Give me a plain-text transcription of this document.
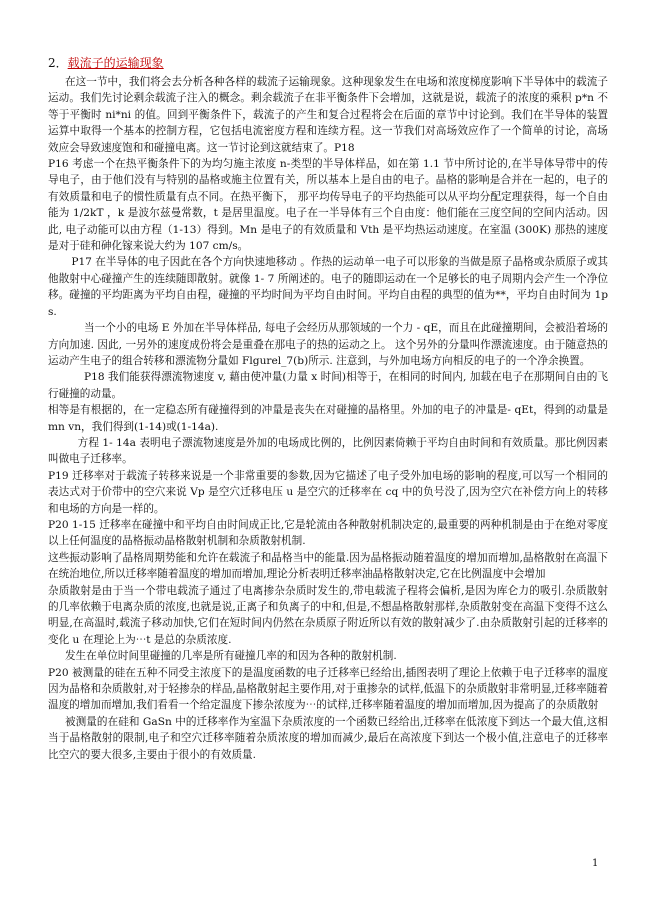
2．载流子的运输现象

在这一节中，我们将会去分析各种各样的载流子运输现象。这种现象发生在电场和浓度梯度影响下半导体中的载流子运动。我们先讨论剩余载流子注入的概念。剩余载流子在非平衡条件下会增加，这就是说，载流子的浓度的乘积 p*n 不等于平衡时 ni*ni 的值。回到平衡条件下，载流子的产生和复合过程将会在后面的章节中讨论到。我们在半导体的装置运算中取得一个基本的控制方程，它包括电流密度方程和连续方程。这一节我们对高场效应作了一个简单的讨论，高场效应会导致速度饱和和碰撞电离。这一节讨论到这就结束了。P18

P16 考虑一个在热平衡条件下的为均匀施主浓度 n-类型的半导体样品，如在第 1.1 节中所讨论的,在半导体导带中的传导电子，由于他们没有与特别的晶格或施主位置有关，所以基本上是自由的电子。晶格的影响是合并在一起的，电子的有效质量和电子的惯性质量有点不同。在热平衡下， 那平均传导电子的平均热能可以从平均分配定理获得，每一个自由能为 1/2kT ，k 是波尔兹曼常数，t 是居里温度。电子在一半导体有三个自由度：他们能在三度空间的空间内活动。因此, 电子动能可以由方程（1-13）得到。Mn 是电子的有效质量和 Vth 是平均热运动速度。在室温 (300K) 那热的速度是对于硅和砷化镓来说大约为 107 cm/s。

P17 在半导体的电子因此在各个方向快速地移动 。作热的运动单一电子可以形象的当做是原子晶格或杂质原子或其他散射中心碰撞产生的连续随即散射。就像 1- 7 所阐述的。电子的随即运动在一个足够长的电子周期内会产生一个净位移。碰撞的平均距离为平均自由程，碰撞的平均时间为平均自由时间。平均自由程的典型的值为**，平均自由时间为 1ps.

当一个小的电场 E 外加在半导体样品, 每电子会经历从那领域的一个力 - qE，而且在此碰撞期间，会被沿着场的方向加速. 因此, 一另外的速度成份将会是重叠在那电子的热的运动之上。 这个另外的分量叫作漂流速度。由于随意热的运动产生电子的组合转移和漂流物分量如 Flgurel_7(b)所示. 注意到，与外加电场方向相反的电子的一个净余换置。

P18 我们能获得漂流物速度 v, 藉由使冲量(力量 x 时间)相等于，在相同的时间内, 加载在电子在那期间自由的飞行碰撞的动量。

相等是有根据的，在一定稳态所有碰撞得到的冲量是丧失在对碰撞的晶格里。外加的电子的冲量是- qEt，得到的动量是 mn vn，我们得到(1-14)或(1-14a).

方程 1- 14a 表明电子漂流物速度是外加的电场成比例的，比例因素倚赖于平均自由时间和有效质量。那比例因素叫做电子迁移率。

P19 迁移率对于载流子转移来说是一个非常重要的参数,因为它描述了电子受外加电场的影响的程度,可以写一个相同的表达式对于价带中的空穴来说 Vp 是空穴迁移电压 u 是空穴的迁移率在 cq 中的负号没了,因为空穴在补偿方向上的转移和电场的方向是一样的。

P20 1-15 迁移率在碰撞中和平均自由时间成正比,它是轮流由各种散射机制决定的,最重要的两种机制是由于在绝对零度以上任何温度的晶格振动晶格散射机制和杂质散射机制.

这些振动影响了晶格周期势能和允许在载流子和晶格当中的能量.因为晶格振动随着温度的增加而增加,晶格散射在高温下在统治地位,所以迁移率随着温度的增加而增加,理论分析表明迁移率油晶格散射决定,它在比例温度中会增加

杂质散射是由于当一个带电载流子通过了电离掺杂杂质时发生的,带电载流子程将会偏析,是因为库仑力的吸引.杂质散射的几率依赖于电离杂质的浓度,也就是说,正离子和负离子的中和,但是,不想晶格散射那样,杂质散射变在高温下变得不这么明显,在高温时,载流子移动加快,它们在短时间内仍然在杂质原子附近所以有效的散射减少了.由杂质散射引起的迁移率的变化 u 在理论上为⋯t 是总的杂质浓度.

发生在单位时间里碰撞的几率是所有碰撞几率的和因为各种的散射机制.

P20 被测量的硅在五种不同受主浓度下的是温度函数的电子迁移率已经给出,插图表明了理论上依赖于电子迁移率的温度因为晶格和杂质散射,对于轻掺杂的样品,晶格散射起主要作用,对于重掺杂的试样,低温下的杂质散射非常明显,迁移率随着温度的增加而增加,我们看看一个给定温度下掺杂浓度为⋯的试样,迁移率随着温度的增加而增加,因为提高了的杂质散射

被测量的在硅和 GaSn 中的迁移率作为室温下杂质浓度的一个函数已经给出,迁移率在低浓度下到达一个最大值,这相当于晶格散射的限制,电子和空穴迁移率随着杂质浓度的增加而减少,最后在高浓度下到达一个极小值,注意电子的迁移率比空穴的要大很多,主要由于很小的有效质量.

1
